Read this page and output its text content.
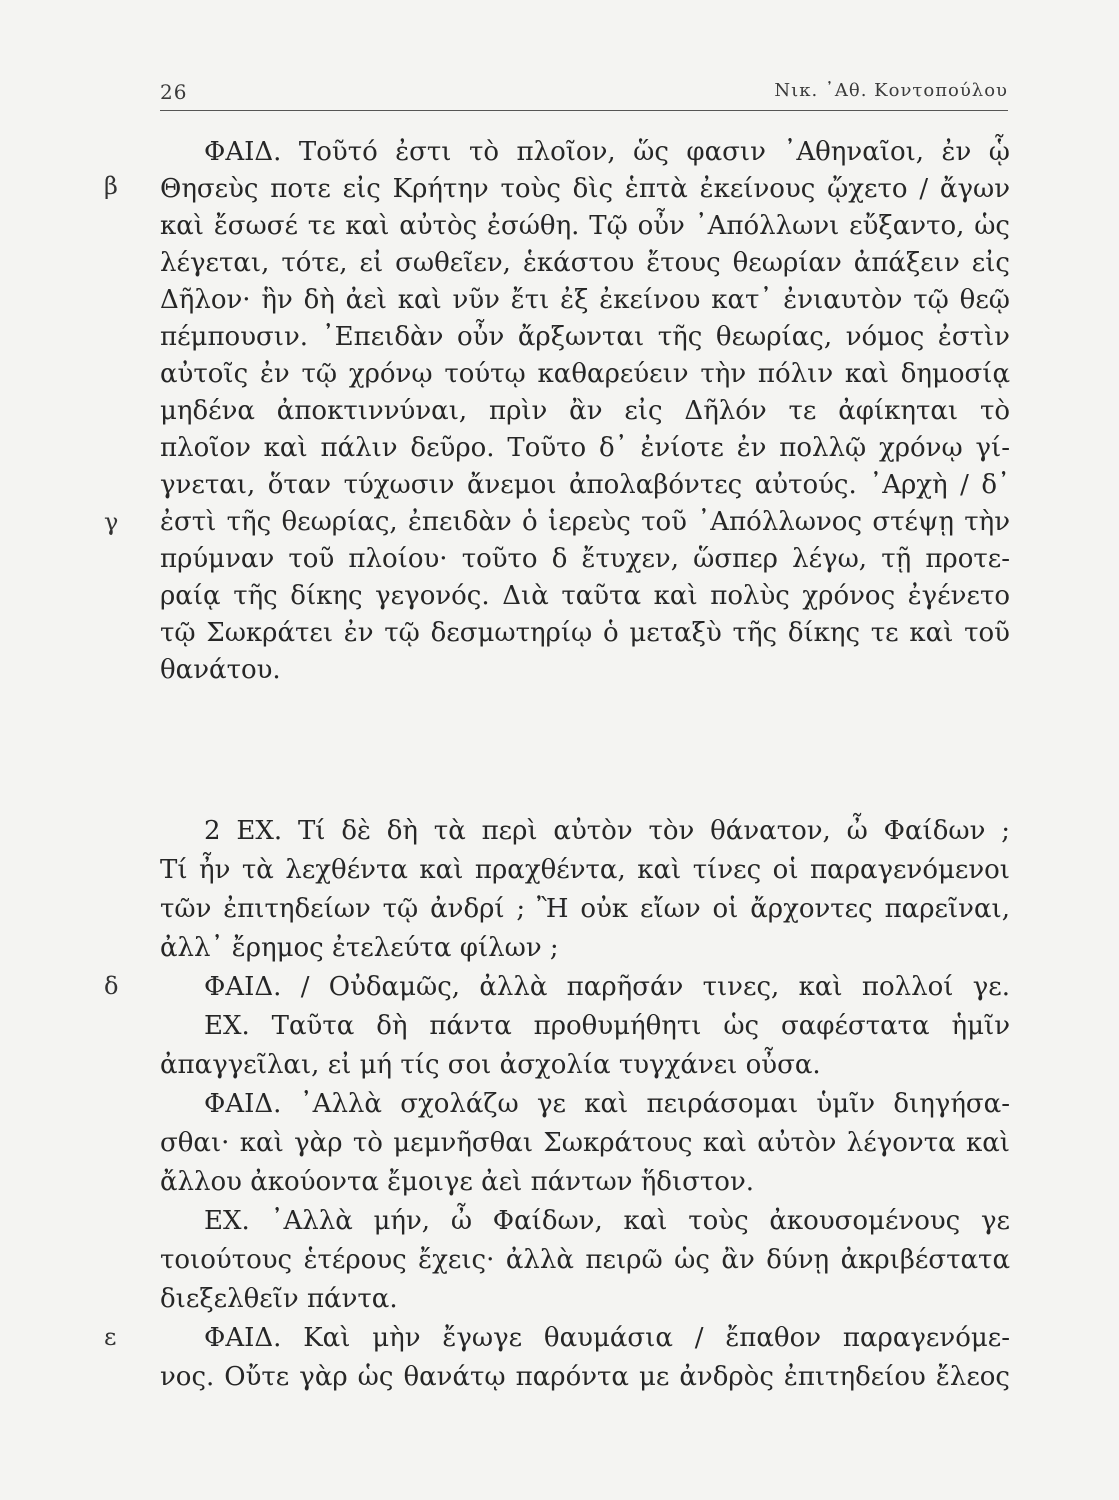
26	Νικ. ᾿Αθ. Κοντοπούλου
β
γ
δ
ε
ΦΑΙΔ. Τοῦτό ἐστι τὸ πλοῖον, ὥς φασιν ᾿Αθηναῖοι, ἐν ᾧ
Θησεὺς ποτε εἰς Κρήτην τοὺς δὶς ἑπτὰ ἐκείνους ᾤχετο / ἄγων
καὶ ἔσωσέ τε καὶ αὐτὸς ἐσώθη. Τῷ οὖν ᾿Απόλλωνι εὔξαντο, ὡς
λέγεται, τότε, εἰ σωθεῖεν, ἑκάστου ἔτους θεωρίαν ἀπάξειν εἰς
Δῆλον· ἣν δὴ ἀεὶ καὶ νῦν ἔτι ἐξ ἐκείνου κατ᾿ ἐνιαυτὸν τῷ θεῷ
πέμπουσιν. ᾿Επειδὰν οὖν ἄρξωνται τῆς θεωρίας, νόμος ἐστὶν
αὐτοῖς ἐν τῷ χρόνῳ τούτῳ καθαρεύειν τὴν πόλιν καὶ δημοσίᾳ
μηδένα ἀποκτιννύναι, πρὶν ἂν εἰς Δῆλόν τε ἀφίκηται τὸ
πλοῖον καὶ πάλιν δεῦρο. Τοῦτο δ᾿ ἐνίοτε ἐν πολλῷ χρόνῳ γί-
γνεται, ὅταν τύχωσιν ἄνεμοι ἀπολαβόντες αὐτούς. ᾿Αρχὴ / δ᾿
ἐστὶ τῆς θεωρίας, ἐπειδὰν ὁ ἱερεὺς τοῦ ᾿Απόλλωνος στέψῃ τὴν
πρύμναν τοῦ πλοίου· τοῦτο δ ἔτυχεν, ὥσπερ λέγω, τῇ προτε-
ραίᾳ τῆς δίκης γεγονός. Διὰ ταῦτα καὶ πολὺς χρόνος ἐγένετο
τῷ Σωκράτει ἐν τῷ δεσμωτηρίῳ ὁ μεταξὺ τῆς δίκης τε καὶ τοῦ
θανάτου.
2 ΕΧ. Τί δὲ δὴ τὰ περὶ αὐτὸν τὸν θάνατον, ὦ Φαίδων ;
Τί ἦν τὰ λεχθέντα καὶ πραχθέντα, καὶ τίνες οἱ παραγενόμενοι
τῶν ἐπιτηδείων τῷ ἀνδρί ; Ἢ οὐκ εἴων οἱ ἄρχοντες παρεῖναι,
ἀλλ᾿ ἔρημος ἐτελεύτα φίλων ;
ΦΑΙΔ. / Οὐδαμῶς, ἀλλὰ παρῆσάν τινες, καὶ πολλοί γε.
ΕΧ. Ταῦτα δὴ πάντα προθυμήθητι ὡς σαφέστατα ἡμῖν
ἀπαγγεῖλαι, εἰ μή τίς σοι ἀσχολία τυγχάνει οὖσα.
ΦΑΙΔ. ᾿Αλλὰ σχολάζω γε καὶ πειράσομαι ὑμῖν διηγήσα-
σθαι· καὶ γὰρ τὸ μεμνῆσθαι Σωκράτους καὶ αὐτὸν λέγοντα καὶ
ἄλλου ἀκούοντα ἔμοιγε ἀεὶ πάντων ἥδιστον.
ΕΧ. ᾿Αλλὰ μήν, ὦ Φαίδων, καὶ τοὺς ἀκουσομένους γε
τοιούτους ἑτέρους ἔχεις· ἀλλὰ πειρῶ ὡς ἂν δύνῃ ἀκριβέστατα
διεξελθεῖν πάντα.
ΦΑΙΔ. Καὶ μὴν ἔγωγε θαυμάσια / ἔπαθον παραγενόμε-
νος. Οὔτε γὰρ ὡς θανάτῳ παρόντα με ἀνδρὸς ἐπιτηδείου ἔλεος
